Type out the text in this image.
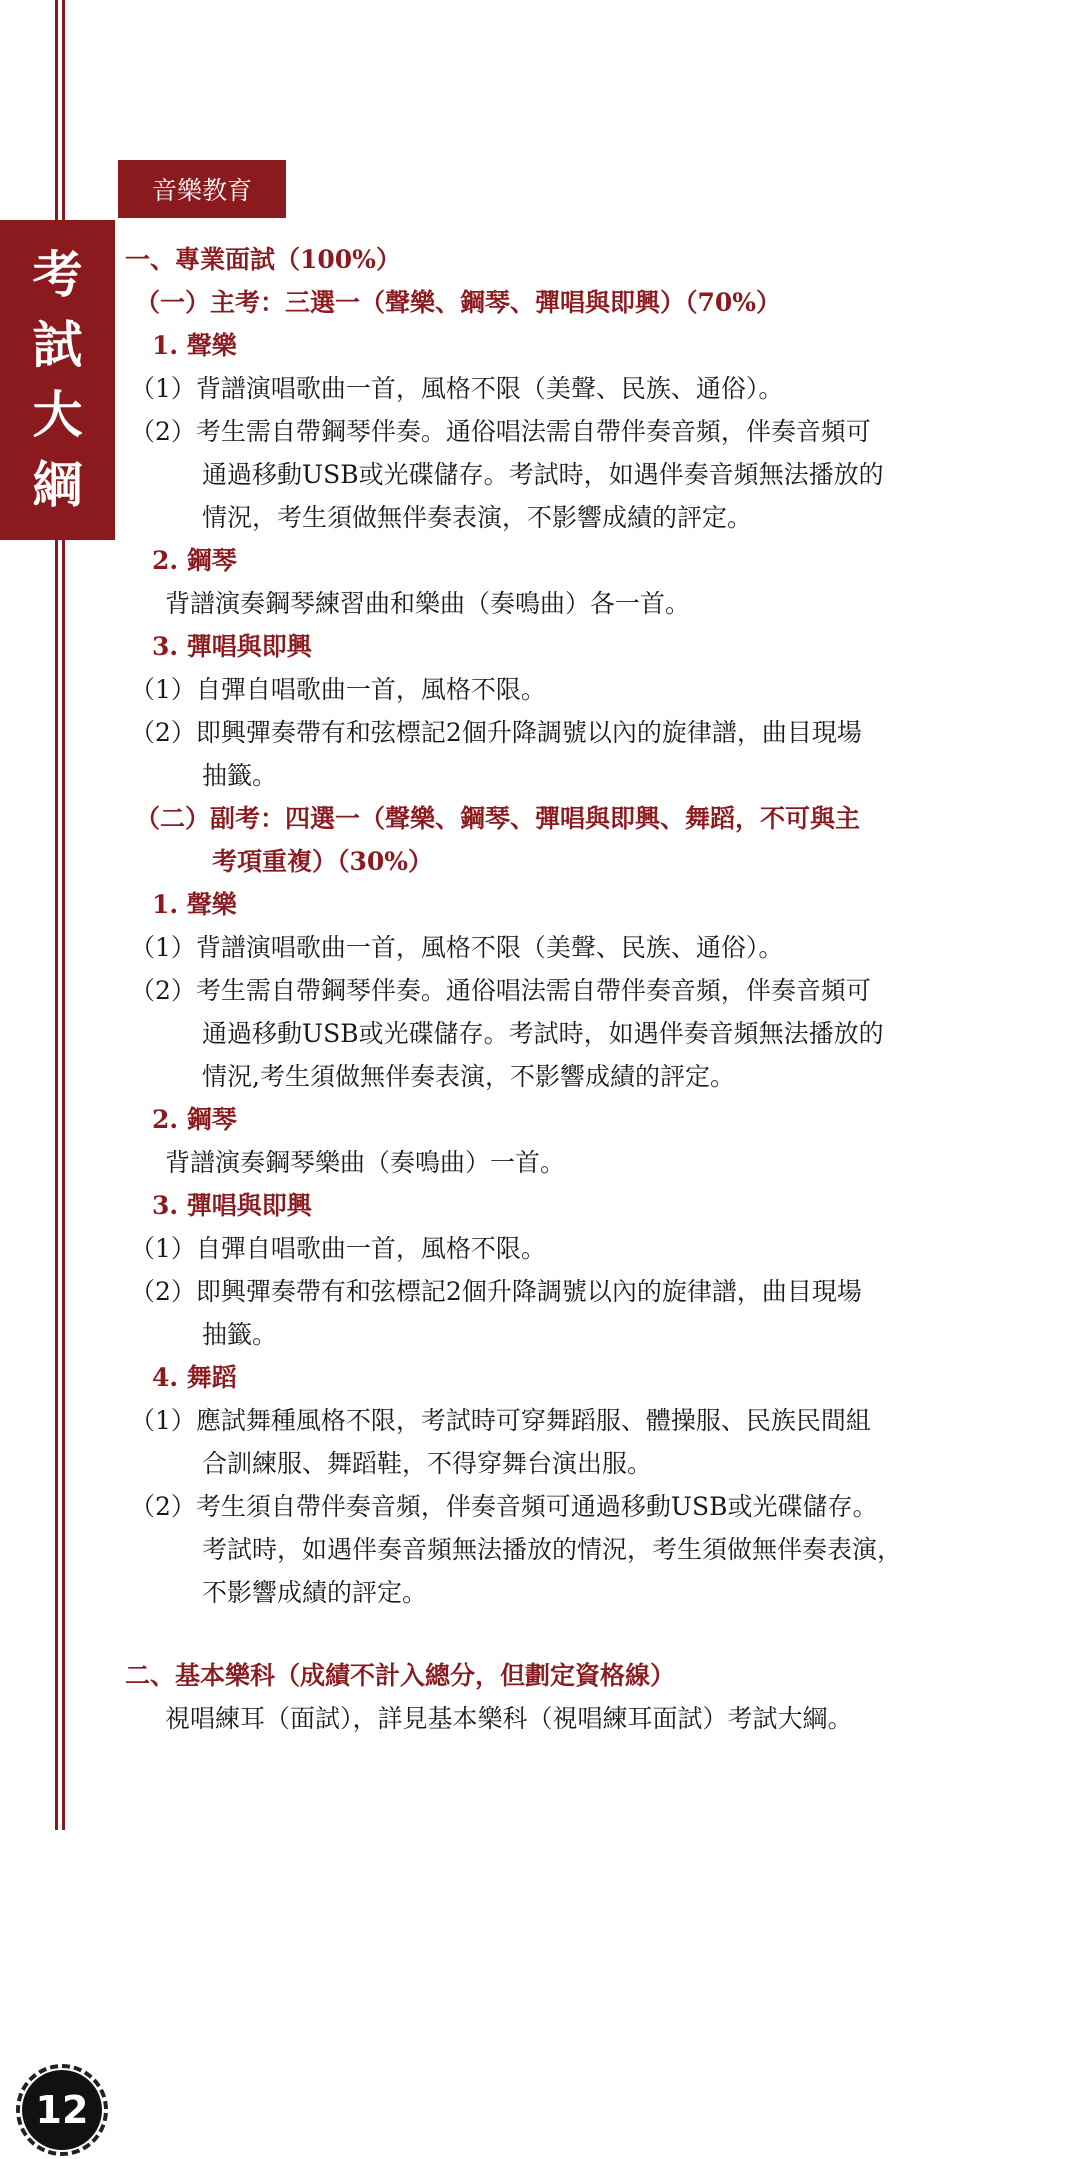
考
試
大
綱
音樂教育
一、專業面試（100%）
（一）主考：三選一（聲樂、鋼琴、彈唱與即興）（70%）
1. 聲樂
（1）背譜演唱歌曲一首，風格不限（美聲、民族、通俗）。
（2）考生需自帶鋼琴伴奏。通俗唱法需自帶伴奏音頻，伴奏音頻可
通過移動USB或光碟儲存。考試時，如遇伴奏音頻無法播放的
情況，考生須做無伴奏表演，不影響成績的評定。
2. 鋼琴
背譜演奏鋼琴練習曲和樂曲（奏鳴曲）各一首。
3. 彈唱與即興
（1）自彈自唱歌曲一首，風格不限。
（2）即興彈奏帶有和弦標記2個升降調號以內的旋律譜，曲目現場
抽籤。
（二）副考：四選一（聲樂、鋼琴、彈唱與即興、舞蹈，不可與主
考項重複）（30%）
1. 聲樂
（1）背譜演唱歌曲一首，風格不限（美聲、民族、通俗）。
（2）考生需自帶鋼琴伴奏。通俗唱法需自帶伴奏音頻，伴奏音頻可
通過移動USB或光碟儲存。考試時，如遇伴奏音頻無法播放的
情況,考生須做無伴奏表演，不影響成績的評定。
2. 鋼琴
背譜演奏鋼琴樂曲（奏鳴曲）一首。
3. 彈唱與即興
（1）自彈自唱歌曲一首，風格不限。
（2）即興彈奏帶有和弦標記2個升降調號以內的旋律譜，曲目現場
抽籤。
4. 舞蹈
（1）應試舞種風格不限，考試時可穿舞蹈服、體操服、民族民間組
合訓練服、舞蹈鞋，不得穿舞台演出服。
（2）考生須自帶伴奏音頻，伴奏音頻可通過移動USB或光碟儲存。
考試時，如遇伴奏音頻無法播放的情況，考生須做無伴奏表演，
不影響成績的評定。
二、基本樂科（成績不計入總分，但劃定資格線）
視唱練耳（面試），詳見基本樂科（視唱練耳面試）考試大綱。
12
